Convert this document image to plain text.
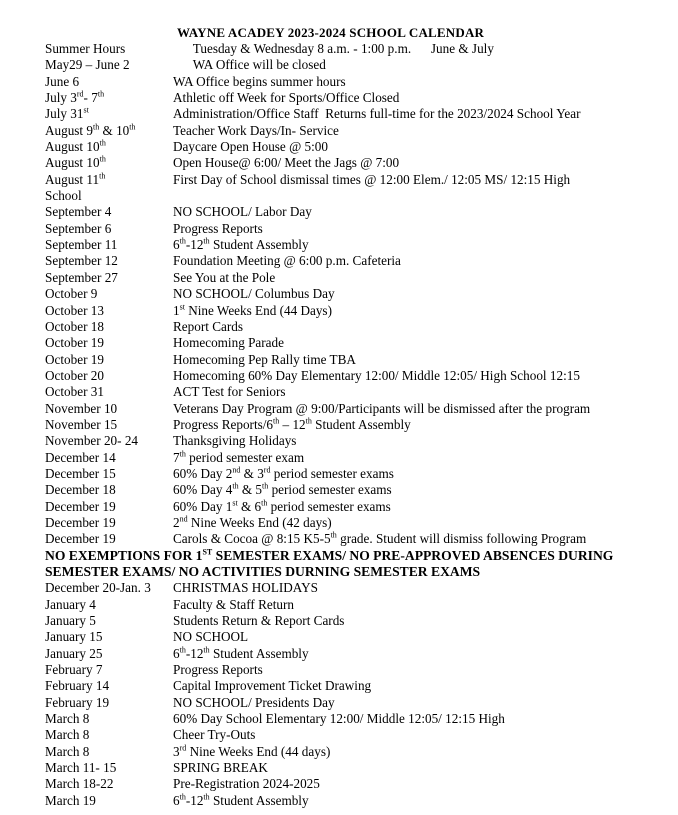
WAYNE ACADEY 2023-2024 SCHOOL CALENDAR
Summer Hours	Tuesday & Wednesday 8 a.m. - 1:00 p.m.      June & July
May29 – June 2	WA Office will be closed
June 6	WA Office begins summer hours
July 3rd- 7th	Athletic off Week for Sports/Office Closed
July 31st	Administration/Office Staff  Returns full-time for the 2023/2024 School Year
August 9th & 10th	Teacher Work Days/In- Service
August 10th	Daycare Open House @ 5:00
August 10th	Open House@ 6:00/ Meet the Jags @ 7:00
August 11th	First Day of School dismissal times @ 12:00 Elem./ 12:05 MS/ 12:15 High
School
September 4	NO SCHOOL/ Labor Day
September 6	Progress Reports
September 11	6th-12th Student Assembly
September 12	Foundation Meeting @ 6:00 p.m. Cafeteria
September 27	See You at the Pole
October 9	NO SCHOOL/ Columbus Day
October 13	1st Nine Weeks End (44 Days)
October 18	Report Cards
October 19	Homecoming Parade
October 19	Homecoming Pep Rally time TBA
October 20	Homecoming 60% Day Elementary 12:00/ Middle 12:05/ High School 12:15
October 31	ACT Test for Seniors
November 10	Veterans Day Program @ 9:00/Participants will be dismissed after the program
November 15	Progress Reports/6th – 12th Student Assembly
November 20- 24	Thanksgiving Holidays
December 14	7th period semester exam
December 15	60% Day 2nd & 3rd period semester exams
December 18	60% Day 4th & 5th period semester exams
December 19	60% Day 1st & 6th period semester exams
December 19	2nd Nine Weeks End (42 days)
December 19	Carols & Cocoa @ 8:15 K5-5th grade. Student will dismiss following Program
NO EXEMPTIONS FOR 1ST SEMESTER EXAMS/ NO PRE-APPROVED ABSENCES DURING
SEMESTER EXAMS/ NO ACTIVITIES DURNING SEMESTER EXAMS
December 20-Jan. 3 CHRISTMAS HOLIDAYS
January 4	Faculty & Staff Return
January 5	Students Return & Report Cards
January 15	NO SCHOOL
January 25	6th-12th Student Assembly
February 7	Progress Reports
February 14	Capital Improvement Ticket Drawing
February 19	NO SCHOOL/ Presidents Day
March 8	60% Day School Elementary 12:00/ Middle 12:05/ 12:15 High
March 8	Cheer Try-Outs
March 8	3rd Nine Weeks End (44 days)
March 11- 15	SPRING BREAK
March 18-22	Pre-Registration 2024-2025
March 19	6th-12th Student Assembly
